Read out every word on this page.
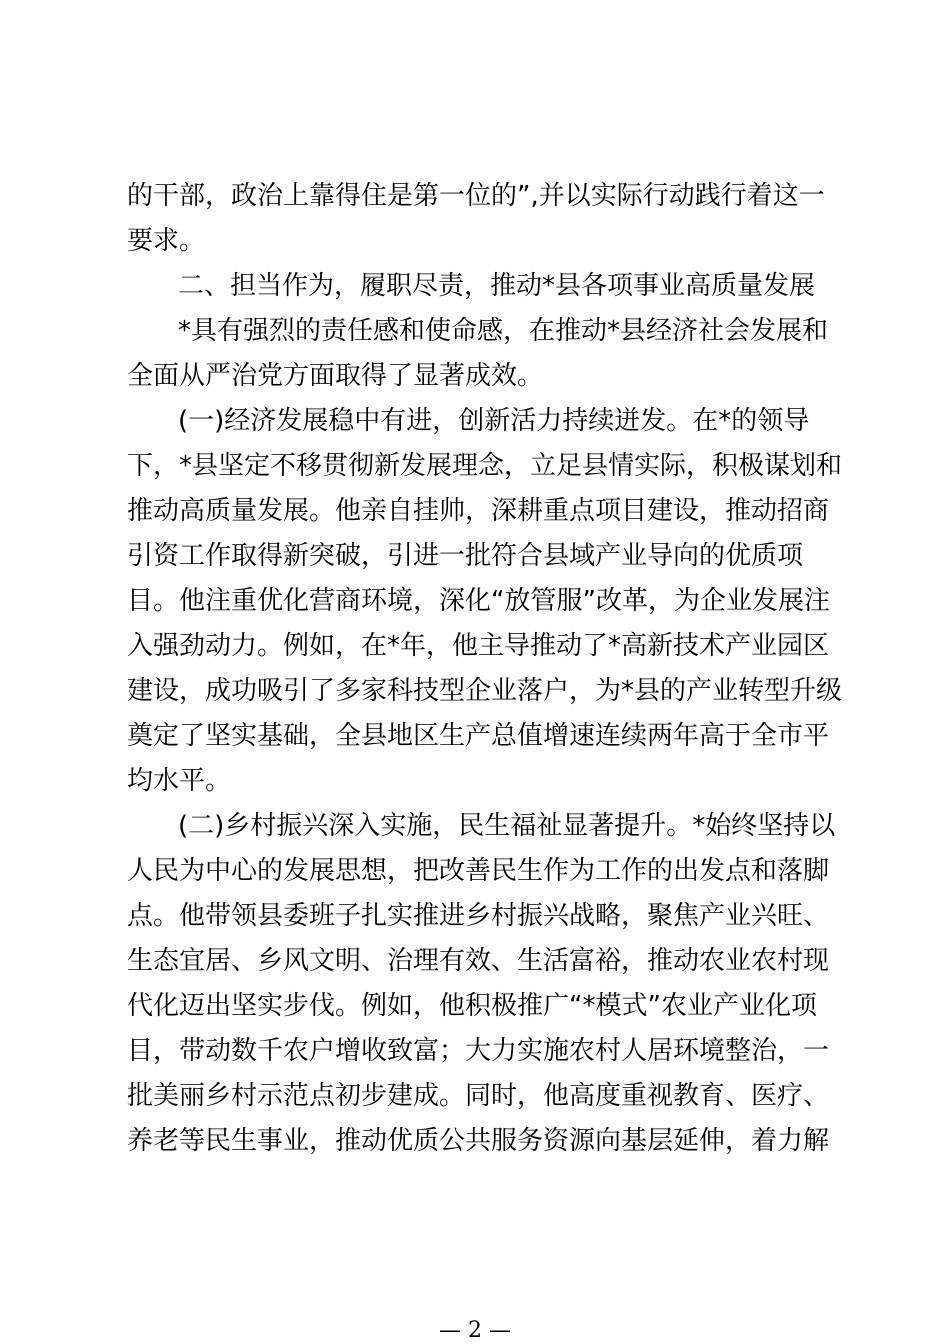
的干部，政治上靠得住是第一位的”,并以实际行动践行着这一
要求。
二、担当作为，履职尽责，推动*县各项事业高质量发展
*具有强烈的责任感和使命感，在推动*县经济社会发展和
全面从严治党方面取得了显著成效。
(一)经济发展稳中有进，创新活力持续迸发。在*的领导
下，*县坚定不移贯彻新发展理念，立足县情实际，积极谋划和
推动高质量发展。他亲自挂帅，深耕重点项目建设，推动招商
引资工作取得新突破，引进一批符合县域产业导向的优质项
目。他注重优化营商环境，深化“放管服”改革，为企业发展注
入强劲动力。例如，在*年，他主导推动了*高新技术产业园区
建设，成功吸引了多家科技型企业落户，为*县的产业转型升级
奠定了坚实基础，全县地区生产总值增速连续两年高于全市平
均水平。
(二)乡村振兴深入实施，民生福祉显著提升。*始终坚持以
人民为中心的发展思想，把改善民生作为工作的出发点和落脚
点。他带领县委班子扎实推进乡村振兴战略，聚焦产业兴旺、
生态宜居、乡风文明、治理有效、生活富裕，推动农业农村现
代化迈出坚实步伐。例如，他积极推广“*模式”农业产业化项
目，带动数千农户增收致富；大力实施农村人居环境整治，一
批美丽乡村示范点初步建成。同时，他高度重视教育、医疗、
养老等民生事业，推动优质公共服务资源向基层延伸，着力解
— 2 —
